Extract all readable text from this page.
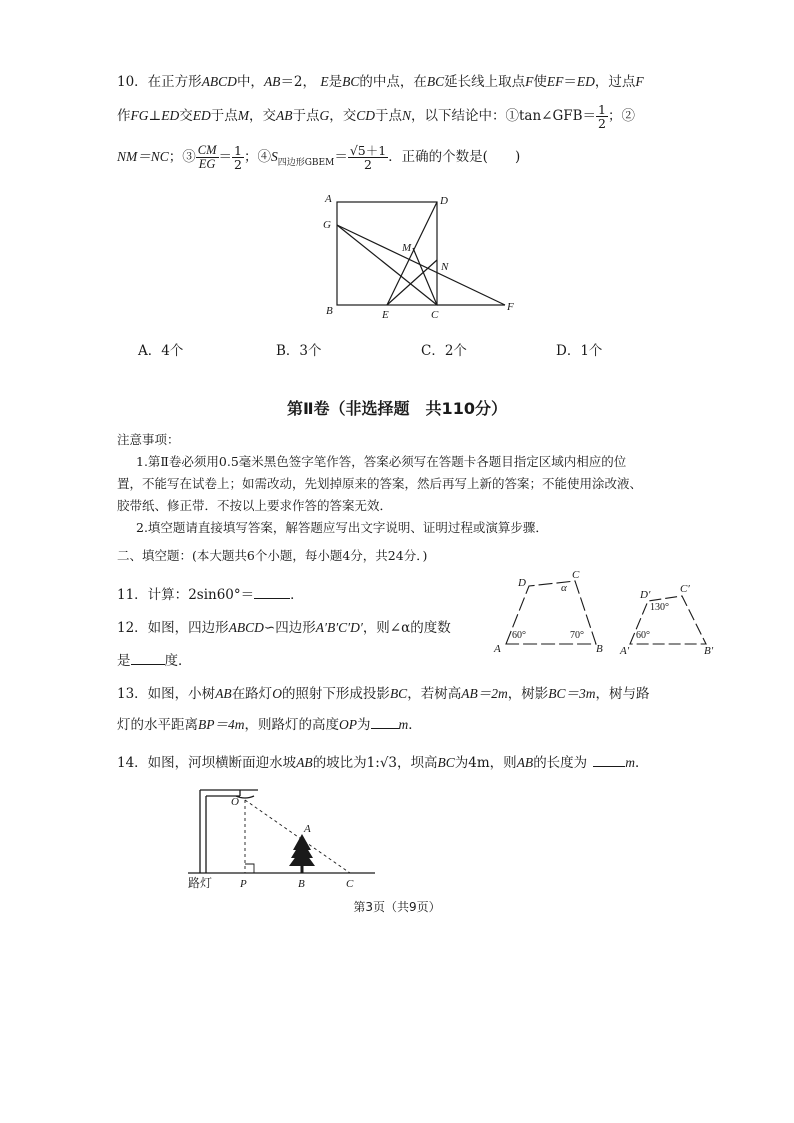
10．在正方形ABCD中，AB＝2， E是BC的中点，在BC延长线上取点F使EF＝ED，过点F
作FG⊥ED交ED于点M，交AB于点G，交CD于点N，以下结论中：①tan∠GFB＝ $\frac{1}{2}$ ；②
NM＝NC；③ $\frac{CM}{EG} = \frac{1}{2}$ ；$④S_{四边形GBEM}= \frac{√5+1}{2}$ ．正确的个数是(　　)
A	D
G
M
N
B	E	C
F
A．4个	B．3个	C．2个	D．1个
第Ⅱ卷（非选择题　共110分）
注意事项：
1.第Ⅱ卷必须用0.5毫米黑色签字笔作答，答案必须写在答题卡各题目指定区域内相应的位
置，不能写在试卷上；如需改动，先划掉原来的答案，然后再写上新的答案；不能使用涂改液、
胶带纸、修正带．不按以上要求作答的答案无效．
2.填空题请直接填写答案，解答题应写出文字说明、证明过程或演算步骤．
二、填空题：(本大题共6个小题，每小题4分，共24分．)
11．计算：2sin60°＝	．
12．如图，四边形ABCD∽四边形A′B′C′D′，则∠α的度数
是	度．
D
C
α
A	B
60°	70°
D′	C′
130°
60°
A′	B′
13．如图，小树AB在路灯O的照射下形成投影BC，若树高AB＝2m，树影BC＝3m，树与路
灯的水平距离BP＝4m，则路灯的高度OP为 m．
14．如图，河坝横断面迎水坡AB的坡比为1:√3，坝高BC为4m，则AB的长度为	m．
O
A
路灯	P	B	C
第3页（共9页）
